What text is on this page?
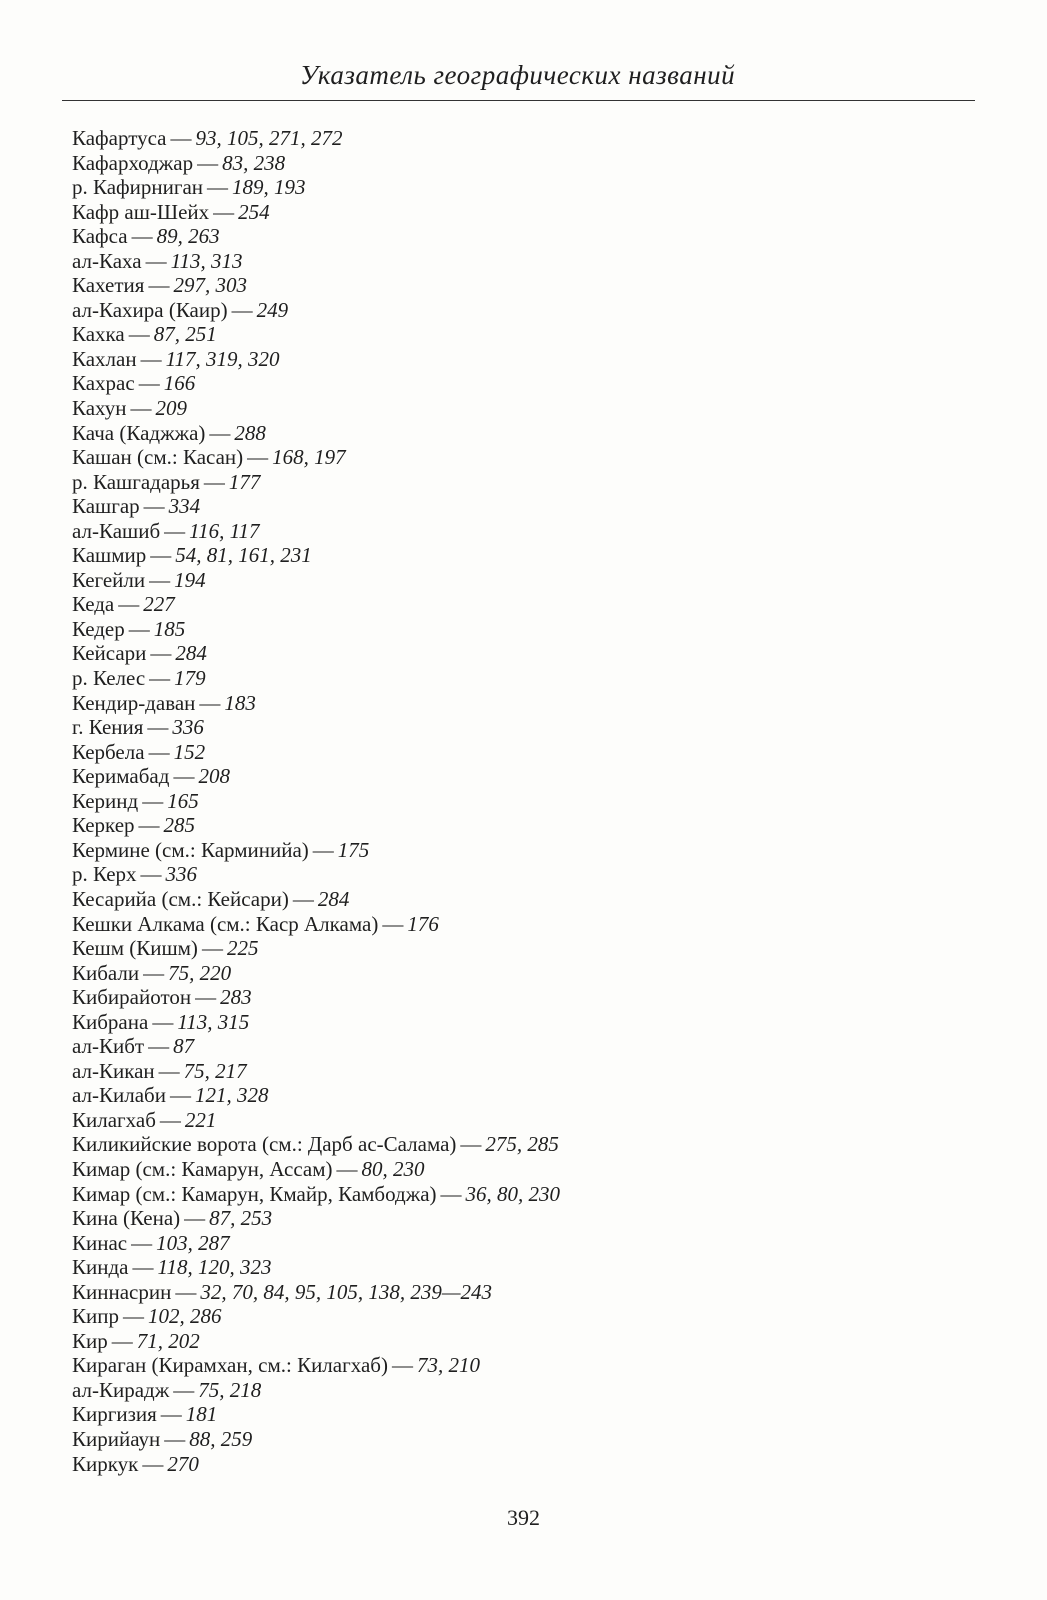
Указатель географических названий
Кафартуса — 93, 105, 271, 272
Кафарходжар — 83, 238
р. Кафирниган — 189, 193
Кафр аш-Шейх — 254
Кафса — 89, 263
ал-Каха — 113, 313
Кахетия — 297, 303
ал-Кахира (Каир) — 249
Кахка — 87, 251
Кахлан — 117, 319, 320
Кахрас — 166
Кахун — 209
Кача (Каджжа) — 288
Кашан (см.: Касан) — 168, 197
р. Кашгадарья — 177
Кашгар — 334
ал-Кашиб — 116, 117
Кашмир — 54, 81, 161, 231
Кегейли — 194
Кеда — 227
Кедер — 185
Кейсари — 284
р. Келес — 179
Кендир-даван — 183
г. Кения — 336
Кербела — 152
Керимабад — 208
Керинд — 165
Керкер — 285
Кермине (см.: Карминийа) — 175
р. Керх — 336
Кесарийа (см.: Кейсари) — 284
Кешки Алкама (см.: Каср Алкама) — 176
Кешм (Кишм) — 225
Кибали — 75, 220
Кибирайотон — 283
Кибрана — 113, 315
ал-Кибт — 87
ал-Кикан — 75, 217
ал-Килаби — 121, 328
Килагхаб — 221
Киликийские ворота (см.: Дарб ас-Салама) — 275, 285
Кимар (см.: Камарун, Ассам) — 80, 230
Кимар (см.: Камарун, Кмайр, Камбоджа) — 36, 80, 230
Кина (Кена) — 87, 253
Кинас — 103, 287
Кинда — 118, 120, 323
Киннасрин — 32, 70, 84, 95, 105, 138, 239—243
Кипр — 102, 286
Кир — 71, 202
Кираган (Кирамхан, см.: Килагхаб) — 73, 210
ал-Кирадж — 75, 218
Киргизия — 181
Кирийаун — 88, 259
Киркук — 270
392
